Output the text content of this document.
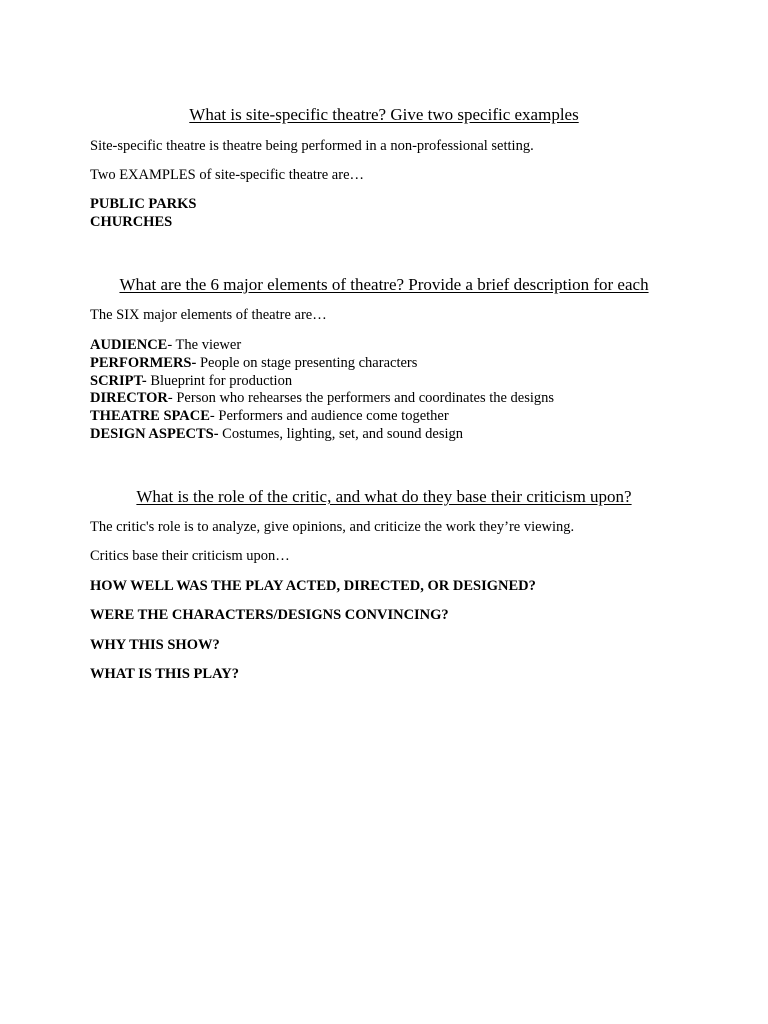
What is site-specific theatre? Give two specific examples
Site-specific theatre is theatre being performed in a non-professional setting.
Two EXAMPLES of site-specific theatre are…
PUBLIC PARKS
CHURCHES
What are the 6 major elements of theatre? Provide a brief description for each
The SIX major elements of theatre are…
AUDIENCE- The viewer
PERFORMERS- People on stage presenting characters
SCRIPT- Blueprint for production
DIRECTOR- Person who rehearses the performers and coordinates the designs
THEATRE SPACE- Performers and audience come together
DESIGN ASPECTS- Costumes, lighting, set, and sound design
What is the role of the critic, and what do they base their criticism upon?
The critic's role is to analyze, give opinions, and criticize the work they’re viewing.
Critics base their criticism upon…
HOW WELL WAS THE PLAY ACTED, DIRECTED, OR DESIGNED?
WERE THE CHARACTERS/DESIGNS CONVINCING?
WHY THIS SHOW?
WHAT IS THIS PLAY?
